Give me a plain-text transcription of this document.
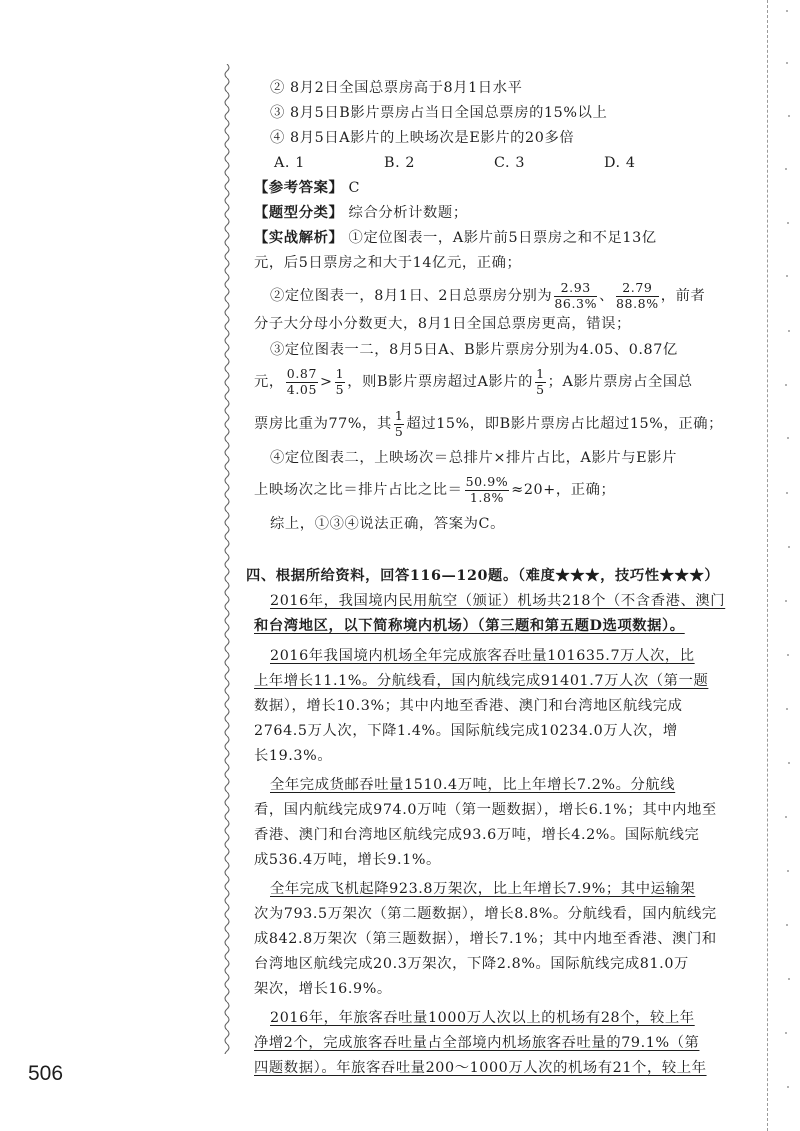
② 8月2日全国总票房高于8月1日水平
③ 8月5日B影片票房占当日全国总票房的15%以上
④ 8月5日A影片的上映场次是E影片的20多倍
A. 1	B. 2	C. 3	D. 4
【参考答案】 C
【题型分类】 综合分析计数题；
【实战解析】 ①定位图表一，A影片前5日票房之和不足13亿
元，后5日票房之和大于14亿元，正确；
②定位图表一，8月1日、2日总票房分别为 $\frac{2.93}{86.3\%}$ 、 $\frac{2.79}{88.8\%}$ ，前者
分子大分母小分数更大，8月1日全国总票房更高，错误；
③定位图表一二，8月5日A、B影片票房分别为4.05、0.87亿
元， $\frac{0.87}{4.05} > \frac{1}{5}$ ，则B影片票房超过A影片的 $\frac{1}{5}$ ；A影片票房占全国总
票房比重为77%，其 $\frac{1}{5}$ 超过15%，即B影片票房占比超过15%，正确；
④定位图表二，上映场次＝总排片×排片占比，A影片与E影片
上映场次之比＝排片占比之比＝ $\frac{50.9\%}{1.8\%} \approx 20+$，正确；
综上，①③④说法正确，答案为C。
四、根据所给资料，回答116—120题。（难度★★★，技巧性★★★）
2016年，我国境内民用航空（颁证）机场共218个（不含香港、澳门
和台湾地区，以下简称境内机场）（第三题和第五题D选项数据）。
2016年我国境内机场全年完成旅客吞吐量101635.7万人次，比
上年增长11.1%。分航线看，国内航线完成91401.7万人次（第一题
数据），增长10.3%；其中内地至香港、澳门和台湾地区航线完成
2764.5万人次，下降1.4%。国际航线完成10234.0万人次，增
长19.3%。
全年完成货邮吞吐量1510.4万吨，比上年增长7.2%。分航线
看，国内航线完成974.0万吨（第一题数据），增长6.1%；其中内地至
香港、澳门和台湾地区航线完成93.6万吨，增长4.2%。国际航线完
成536.4万吨，增长9.1%。
全年完成飞机起降923.8万架次，比上年增长7.9%；其中运输架
次为793.5万架次（第二题数据），增长8.8%。分航线看，国内航线完
成842.8万架次（第三题数据），增长7.1%；其中内地至香港、澳门和
台湾地区航线完成20.3万架次，下降2.8%。国际航线完成81.0万
架次，增长16.9%。
2016年，年旅客吞吐量1000万人次以上的机场有28个，较上年
净增2个，完成旅客吞吐量占全部境内机场旅客吞吐量的79.1%（第
四题数据）。年旅客吞吐量200～1000万人次的机场有21个，较上年
506
